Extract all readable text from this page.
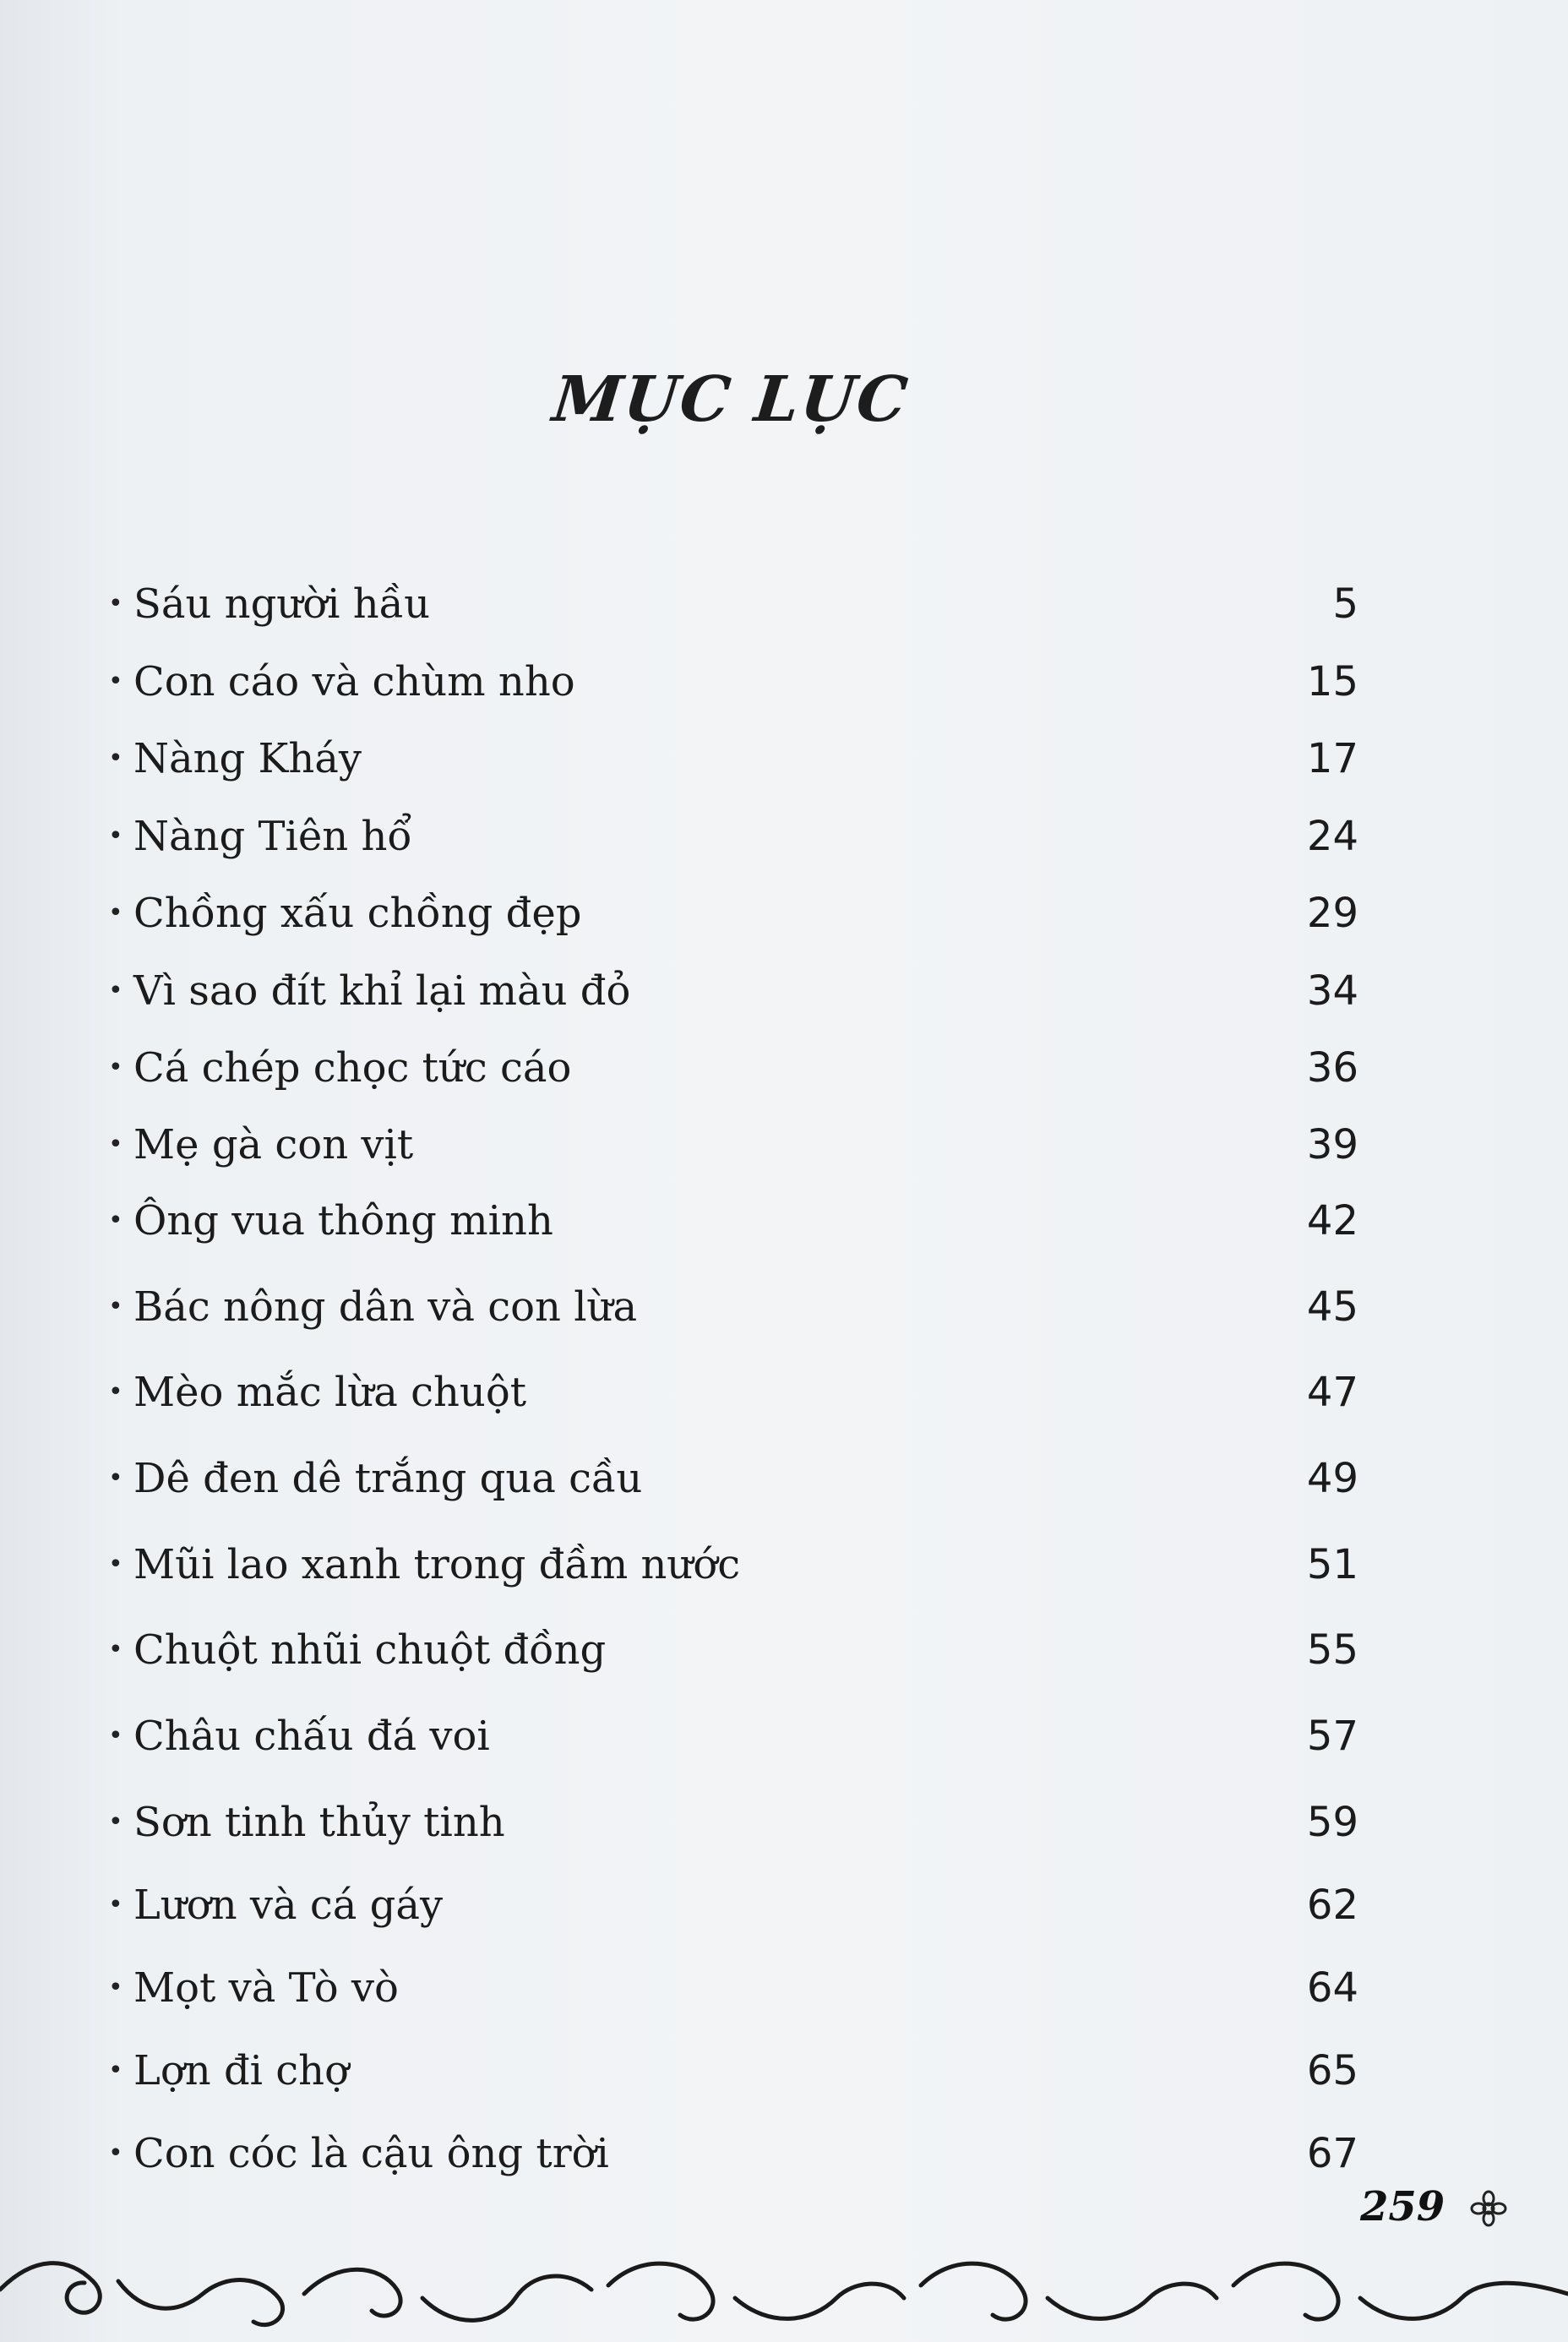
MỤC LỤC
• Sáu người hầu	5
• Con cáo và chùm nho	15
• Nàng Kháy	17
• Nàng Tiên hổ	24
• Chồng xấu chồng đẹp	29
• Vì sao đít khỉ lại màu đỏ	34
• Cá chép chọc tức cáo	36
• Mẹ gà con vịt	39
• Ông vua thông minh	42
• Bác nông dân và con lừa	45
• Mèo mắc lừa chuột	47
• Dê đen dê trắng qua cầu	49
• Mũi lao xanh trong đầm nước	51
• Chuột nhũi chuột đồng	55
• Châu chấu đá voi	57
• Sơn tinh thủy tinh	59
• Lươn và cá gáy	62
• Mọt và Tò vò	64
• Lợn đi chợ	65
• Con cóc là cậu ông trời	67
259
